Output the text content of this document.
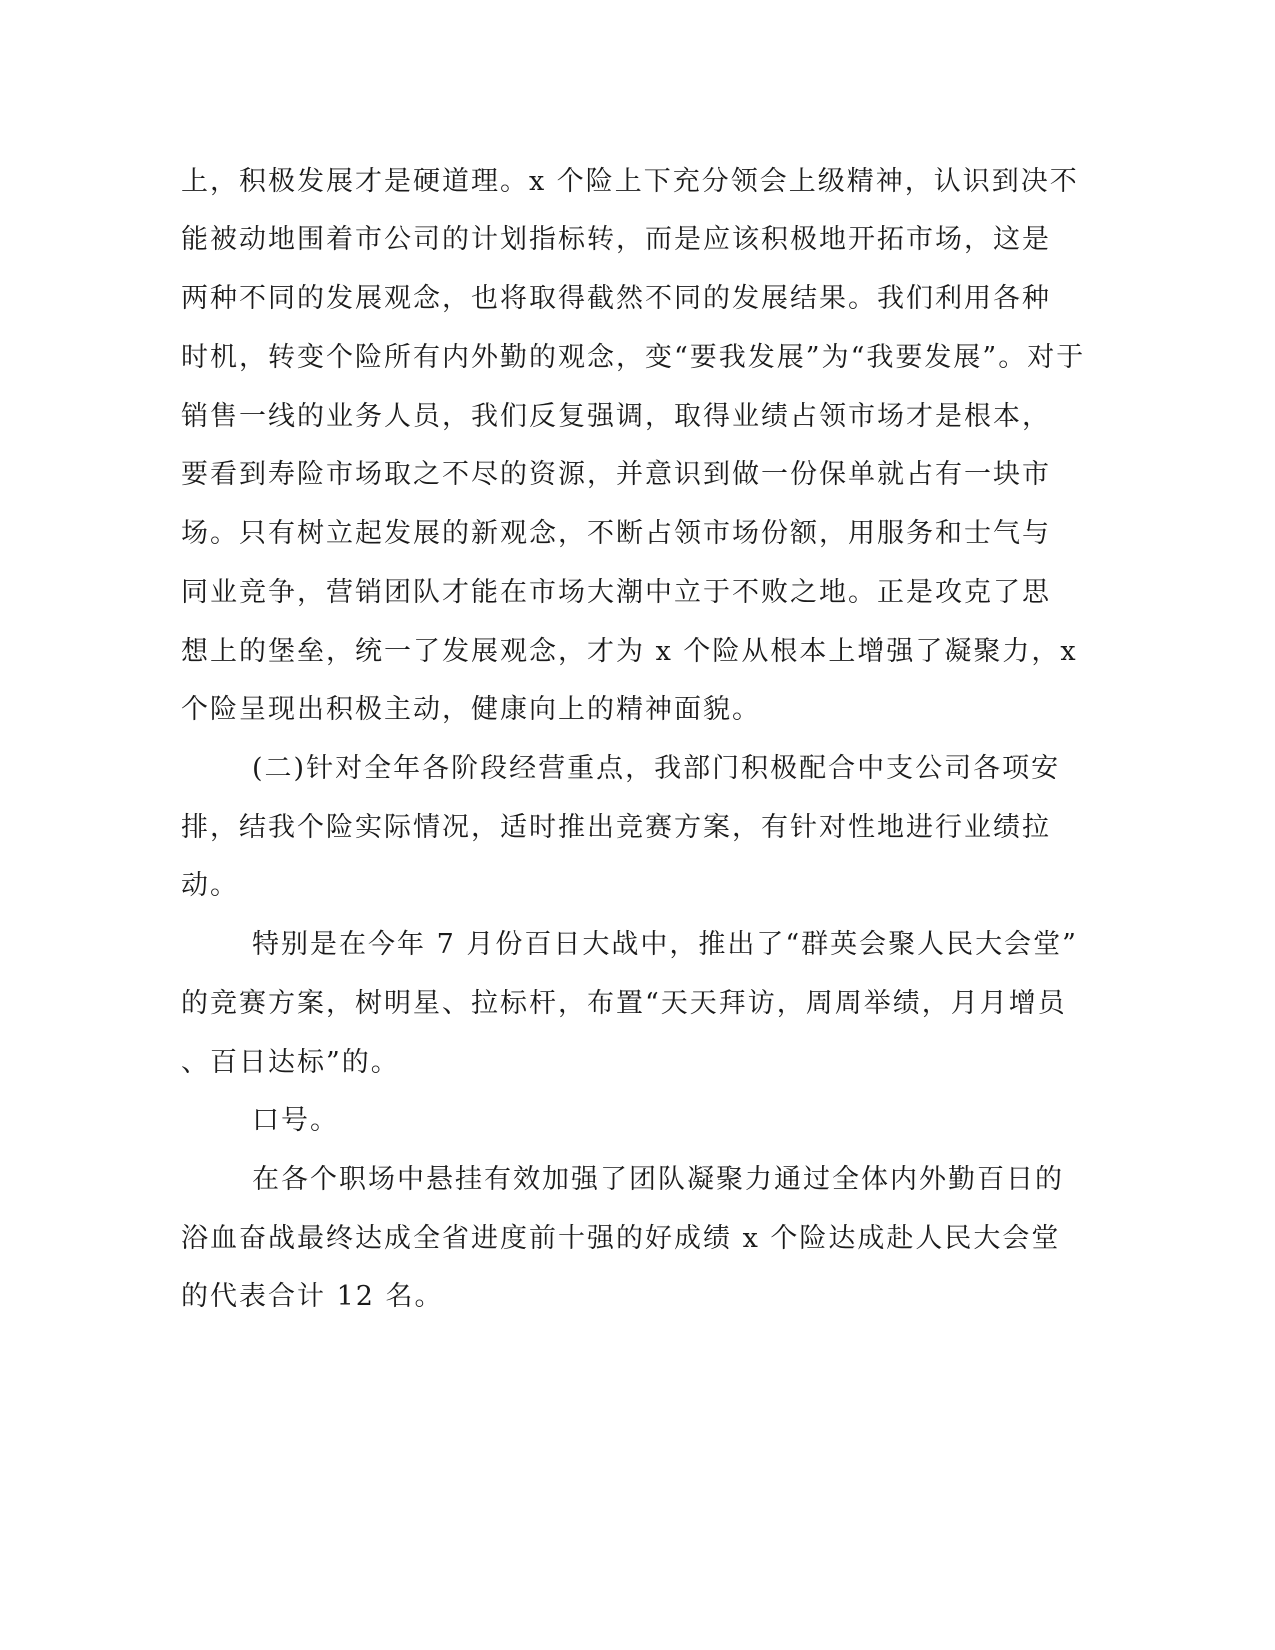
上，积极发展才是硬道理。x 个险上下充分领会上级精神，认识到决不
能被动地围着市公司的计划指标转，而是应该积极地开拓市场，这是
两种不同的发展观念，也将取得截然不同的发展结果。我们利用各种
时机，转变个险所有内外勤的观念，变“要我发展”为“我要发展”。对于
销售一线的业务人员，我们反复强调，取得业绩占领市场才是根本，
要看到寿险市场取之不尽的资源，并意识到做一份保单就占有一块市
场。只有树立起发展的新观念，不断占领市场份额，用服务和士气与
同业竞争，营销团队才能在市场大潮中立于不败之地。正是攻克了思
想上的堡垒，统一了发展观念，才为 x 个险从根本上增强了凝聚力，x
个险呈现出积极主动，健康向上的精神面貌。
(二)针对全年各阶段经营重点，我部门积极配合中支公司各项安
排，结我个险实际情况，适时推出竞赛方案，有针对性地进行业绩拉
动。
特别是在今年 7 月份百日大战中，推出了“群英会聚人民大会堂”
的竞赛方案，树明星、拉标杆，布置“天天拜访，周周举绩，月月增员
、百日达标”的。
口号。
在各个职场中悬挂有效加强了团队凝聚力通过全体内外勤百日的
浴血奋战最终达成全省进度前十强的好成绩 x 个险达成赴人民大会堂
的代表合计 12 名。
